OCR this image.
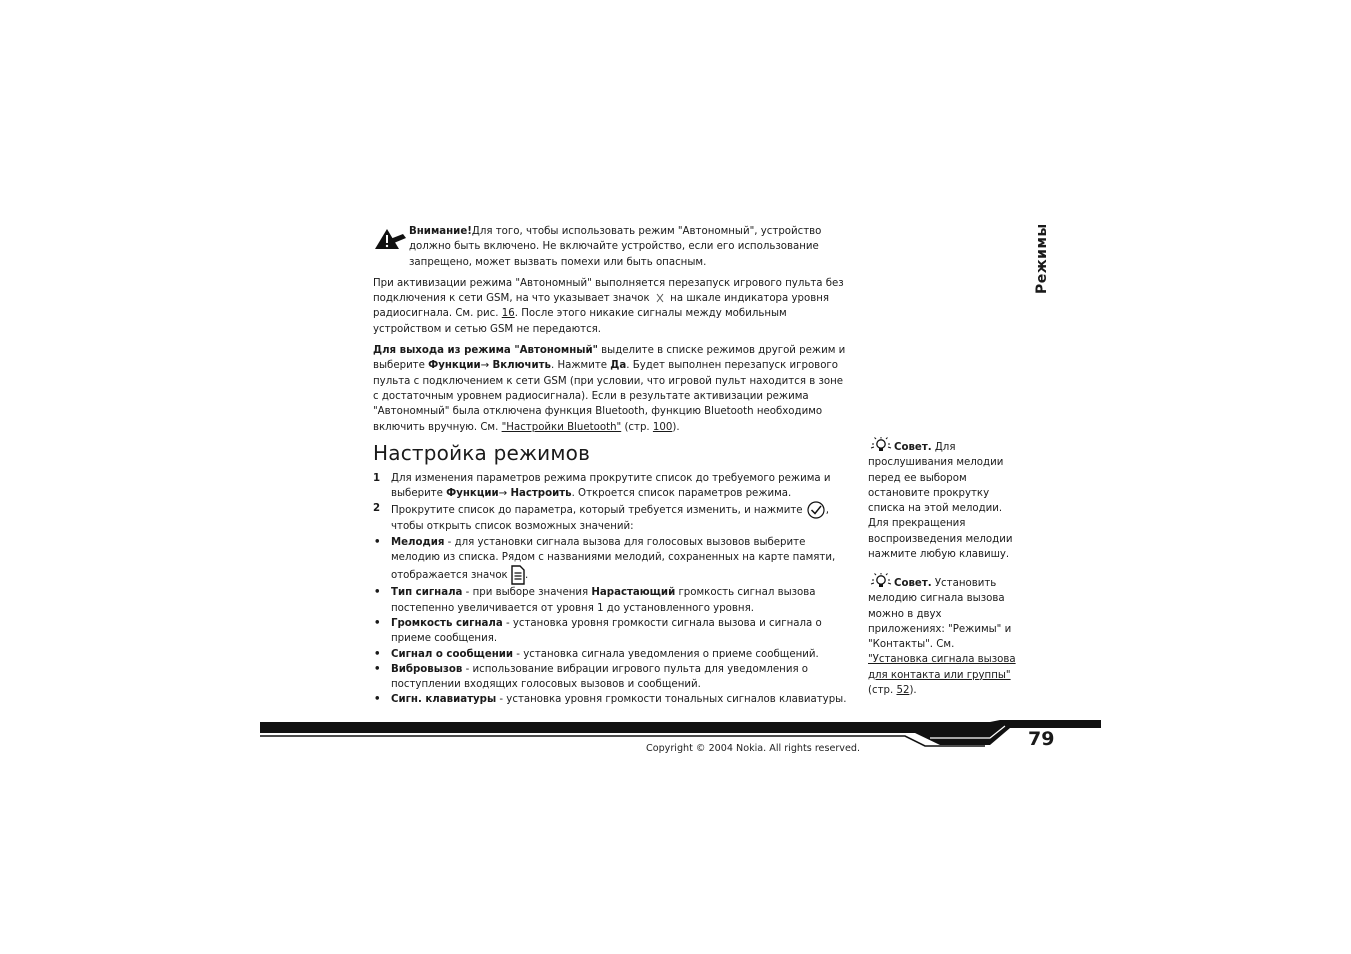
Внимание!Для того, чтобы использовать режим "Автономный", устройство должно быть включено. Не включайте устройство, если его использование запрещено, может вызвать помехи или быть опасным.

При активизации режима "Автономный" выполняется перезапуск игрового пульта без подключения к сети GSM, на что указывает значок на шкале индикатора уровня радиосигнала. См. рис. 16. После этого никакие сигналы между мобильным устройством и сетью GSM не передаются.

Для выхода из режима "Автономный" выделите в списке режимов другой режим и выберите Функции→ Включить. Нажмите Да. Будет выполнен перезапуск игрового пульта с подключением к сети GSM (при условии, что игровой пульт находится в зоне с достаточным уровнем радиосигнала). Если в результате активизации режима "Автономный" была отключена функция Bluetooth, функцию Bluetooth необходимо включить вручную. См. "Настройки Bluetooth" (стр. 100).

Настройка режимов
1 Для изменения параметров режима прокрутите список до требуемого режима и выберите Функции→ Настроить. Откроется список параметров режима.
2 Прокрутите список до параметра, который требуется изменить, и нажмите , чтобы открыть список возможных значений:
• Мелодия - для установки сигнала вызова для голосовых вызовов выберите мелодию из списка. Рядом с названиями мелодий, сохраненных на карте памяти, отображается значок .
• Тип сигнала - при выборе значения Нарастающий громкость сигнал вызова постепенно увеличивается от уровня 1 до установленного уровня.
• Громкость сигнала - установка уровня громкости сигнала вызова и сигнала о приеме сообщения.
• Сигнал о сообщении - установка сигнала уведомления о приеме сообщений.
• Вибровызов - использование вибрации игрового пульта для уведомления о поступлении входящих голосовых вызовов и сообщений.
• Сигн. клавиатуры - установка уровня громкости тональных сигналов клавиатуры.
Совет. Для прослушивания мелодии перед ее выбором остановите прокрутку списка на этой мелодии. Для прекращения воспроизведения мелодии нажмите любую клавишу.
Совет. Установить мелодию сигнала вызова можно в двух приложениях: "Режимы" и "Контакты". См. "Установка сигнала вызова для контакта или группы" (стр. 52).
Режимы
79
Copyright © 2004 Nokia. All rights reserved.
